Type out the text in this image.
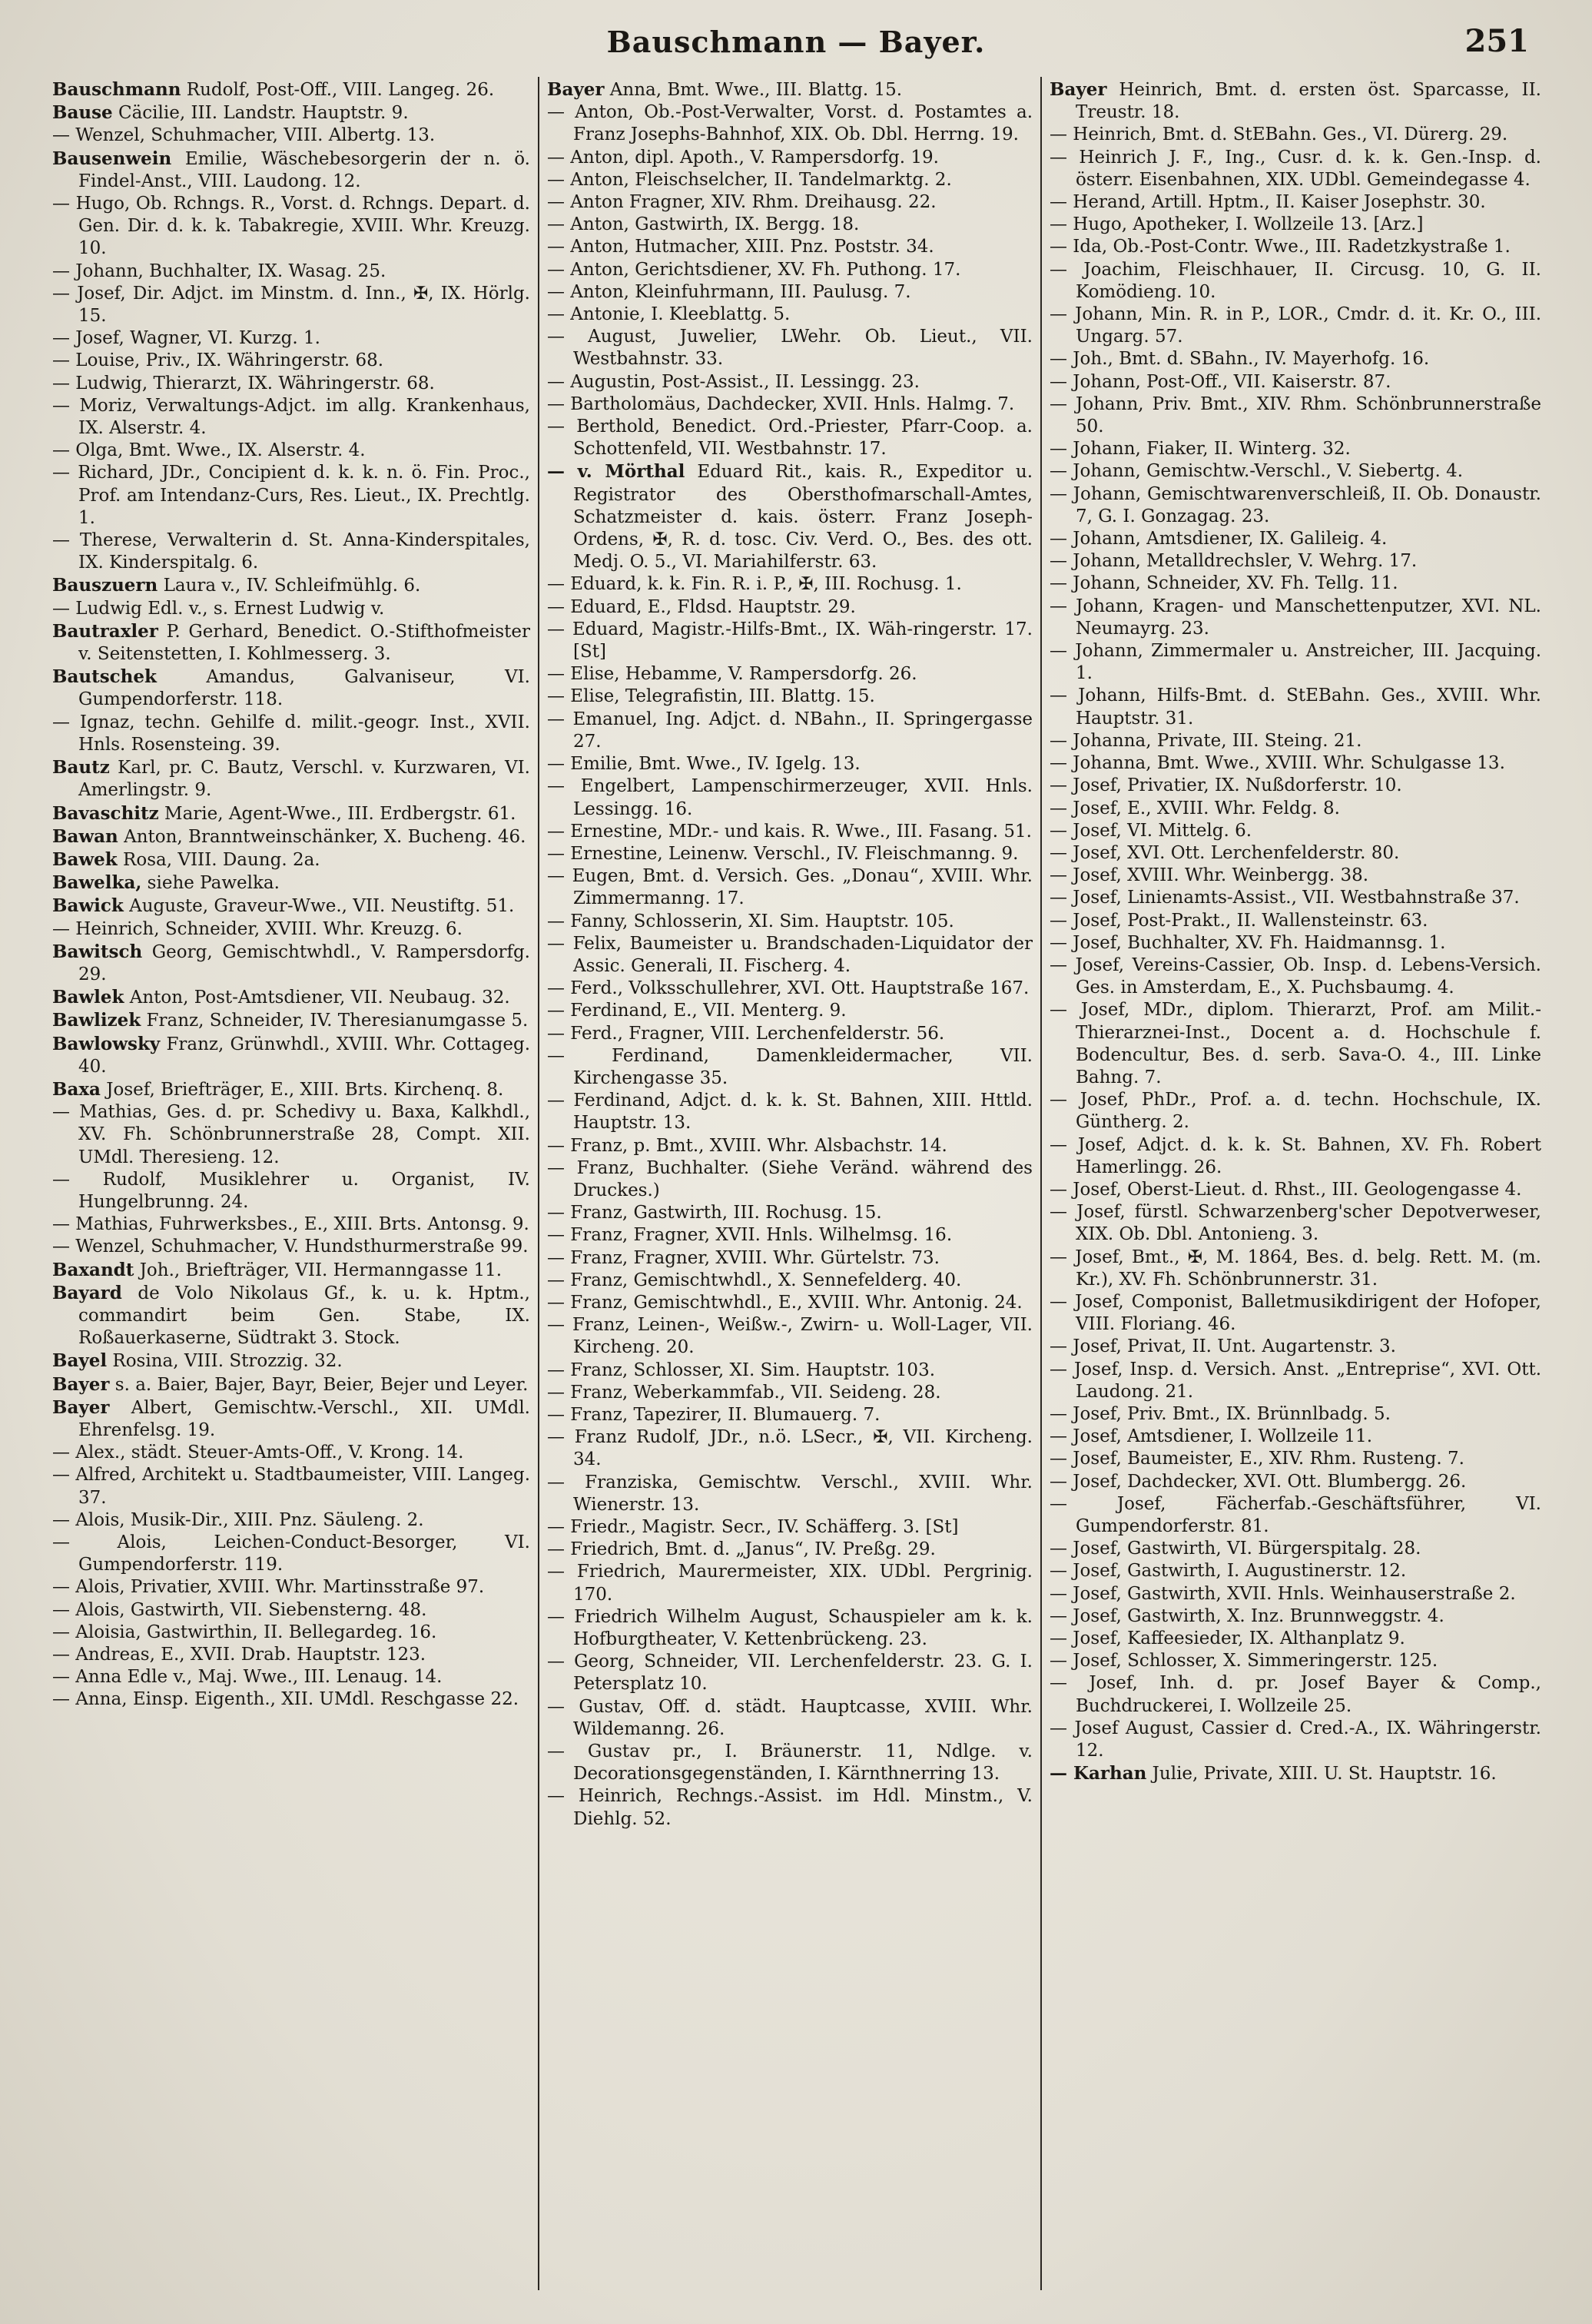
Bauschmann — Bayer.	251
Bauschmann Rudolf, Post-Off., VIII. Langeg. 26.
Bause Cäcilie, III. Landstr. Hauptstr. 9.
— Wenzel, Schuhmacher, VIII. Albertg. 13.
Bausenwein Emilie, Wäschebesorgerin der n. ö. Findel-Anst., VIII. Laudong. 12.
— Hugo, Ob. Rchngs. R., Vorst. d. Rchngs. Depart. d. Gen. Dir. d. k. k. Tabakregie, XVIII. Whr. Kreuzg. 10.
— Johann, Buchhalter, IX. Wasag. 25.
— Josef, Dir. Adjct. im Minstm. d. Inn., ✠, IX. Hörlg. 15.
— Josef, Wagner, VI. Kurzg. 1.
— Louise, Priv., IX. Währingerstr. 68.
— Ludwig, Thierarzt, IX. Währingerstr. 68.
— Moriz, Verwaltungs-Adjct. im allg. Krankenhaus, IX. Alserstr. 4.
— Olga, Bmt. Wwe., IX. Alserstr. 4.
— Richard, JDr., Concipient d. k. k. n. ö. Fin. Proc., Prof. am Intendanz-Curs, Res. Lieut., IX. Prechtlg. 1.
— Therese, Verwalterin d. St. Anna-Kinderspitales, IX. Kinderspitalg. 6.
Bauszuern Laura v., IV. Schleifmühlg. 6.
— Ludwig Edl. v., s. Ernest Ludwig v.
Bautraxler P. Gerhard, Benedict. O.-Stifthofmeister v. Seitenstetten, I. Kohlmesserg. 3.
Bautschek Amandus, Galvaniseur, VI. Gumpendorferstr. 118.
— Ignaz, techn. Gehilfe d. milit.-geogr. Inst., XVII. Hnls. Rosensteing. 39.
Bautz Karl, pr. C. Bautz, Verschl. v. Kurzwaren, VI. Amerlingstr. 9.
Bavaschitz Marie, Agent-Wwe., III. Erdbergstr. 61.
Bawan Anton, Branntweinschänker, X. Bucheng. 46.
Bawek Rosa, VIII. Daung. 2a.
Bawelka, siehe Pawelka.
Bawick Auguste, Graveur-Wwe., VII. Neustiftg. 51.
— Heinrich, Schneider, XVIII. Whr. Kreuzg. 6.
Bawitsch Georg, Gemischtwhdl., V. Rampersdorfg. 29.
Bawlek Anton, Post-Amtsdiener, VII. Neubaug. 32.
Bawlizek Franz, Schneider, IV. Theresianumgasse 5.
Bawlowsky Franz, Grünwhdl., XVIII. Whr. Cottageg. 40.
Baxa Josef, Briefträger, E., XIII. Brts. Kirchenq. 8.
— Mathias, Ges. d. pr. Schedivy u. Baxa, Kalkhdl., XV. Fh. Schönbrunnerstraße 28, Compt. XII. UMdl. Theresieng. 12.
— Rudolf, Musiklehrer u. Organist, IV. Hungelbrunng. 24.
— Mathias, Fuhrwerksbes., E., XIII. Brts. Antonsg. 9.
— Wenzel, Schuhmacher, V. Hundsthurmerstraße 99.
Baxandt Joh., Briefträger, VII. Hermanngasse 11.
Bayard de Volo Nikolaus Gf., k. u. k. Hptm., commandirt beim Gen. Stabe, IX. Roßauerkaserne, Südtrakt 3. Stock.
Bayel Rosina, VIII. Strozzig. 32.
Bayer s. a. Baier, Bajer, Bayr, Beier, Bejer und Leyer.
Bayer Albert, Gemischtw.-Verschl., XII. UMdl. Ehrenfelsg. 19.
— Alex., städt. Steuer-Amts-Off., V. Krong. 14.
— Alfred, Architekt u. Stadtbaumeister, VIII. Langeg. 37.
— Alois, Musik-Dir., XIII. Pnz. Säuleng. 2.
— Alois, Leichen-Conduct-Besorger, VI. Gumpendorferstr. 119.
— Alois, Privatier, XVIII. Whr. Martinsstraße 97.
— Alois, Gastwirth, VII. Siebensterng. 48.
— Aloisia, Gastwirthin, II. Bellegardeg. 16.
— Andreas, E., XVII. Drab. Hauptstr. 123.
— Anna Edle v., Maj. Wwe., III. Lenaug. 14.
— Anna, Einsp. Eigenth., XII. UMdl. Reschgasse 22.
Bayer Anna, Bmt. Wwe., III. Blattg. 15.
— Anton, Ob.-Post-Verwalter, Vorst. d. Postamtes a. Franz Josephs-Bahnhof, XIX. Ob. Dbl. Herrng. 19.
— Anton, dipl. Apoth., V. Rampersdorfg. 19.
— Anton, Fleischselcher, II. Tandelmarktg. 2.
— Anton Fragner, XIV. Rhm. Dreihausg. 22.
— Anton, Gastwirth, IX. Bergg. 18.
— Anton, Hutmacher, XIII. Pnz. Poststr. 34.
— Anton, Gerichtsdiener, XV. Fh. Puthong. 17.
— Anton, Kleinfuhrmann, III. Paulusg. 7.
— Antonie, I. Kleeblattg. 5.
— August, Juwelier, LWehr. Ob. Lieut., VII. Westbahnstr. 33.
— Augustin, Post-Assist., II. Lessingg. 23.
— Bartholomäus, Dachdecker, XVII. Hnls. Halmg. 7.
— Berthold, Benedict. Ord.-Priester, Pfarr-Coop. a. Schottenfeld, VII. Westbahnstr. 17.
— v. Mörthal Eduard Rit., kais. R., Expeditor u. Registrator des Obersthofmarschall-Amtes, Schatzmeister d. kais. österr. Franz Joseph-Ordens, ✠, R. d. tosc. Civ. Verd. O., Bes. des ott. Medj. O. 5., VI. Mariahilferstr. 63.
— Eduard, k. k. Fin. R. i. P., ✠, III. Rochusg. 1.
— Eduard, E., Fldsd. Hauptstr. 29.
— Eduard, Magistr.-Hilfs-Bmt., IX. Wäh-ringerstr. 17. [St]
— Elise, Hebamme, V. Rampersdorfg. 26.
— Elise, Telegrafistin, III. Blattg. 15.
— Emanuel, Ing. Adjct. d. NBahn., II. Springergasse 27.
— Emilie, Bmt. Wwe., IV. Igelg. 13.
— Engelbert, Lampenschirmerzeuger, XVII. Hnls. Lessingg. 16.
— Ernestine, MDr.- und kais. R. Wwe., III. Fasang. 51.
— Ernestine, Leinenw. Verschl., IV. Fleischmanng. 9.
— Eugen, Bmt. d. Versich. Ges. „Donau“, XVIII. Whr. Zimmermanng. 17.
— Fanny, Schlosserin, XI. Sim. Hauptstr. 105.
— Felix, Baumeister u. Brandschaden-Liquidator der Assic. Generali, II. Fischerg. 4.
— Ferd., Volksschullehrer, XVI. Ott. Hauptstraße 167.
— Ferdinand, E., VII. Menterg. 9.
— Ferd., Fragner, VIII. Lerchenfelderstr. 56.
— Ferdinand, Damenkleidermacher, VII. Kirchengasse 35.
— Ferdinand, Adjct. d. k. k. St. Bahnen, XIII. Httld. Hauptstr. 13.
— Franz, p. Bmt., XVIII. Whr. Alsbachstr. 14.
— Franz, Buchhalter. (Siehe Veränd. während des Druckes.)
— Franz, Gastwirth, III. Rochusg. 15.
— Franz, Fragner, XVII. Hnls. Wilhelmsg. 16.
— Franz, Fragner, XVIII. Whr. Gürtelstr. 73.
— Franz, Gemischtwhdl., X. Sennefelderg. 40.
— Franz, Gemischtwhdl., E., XVIII. Whr. Antonig. 24.
— Franz, Leinen-, Weißw.-, Zwirn- u. Woll-Lager, VII. Kircheng. 20.
— Franz, Schlosser, XI. Sim. Hauptstr. 103.
— Franz, Weberkammfab., VII. Seideng. 28.
— Franz, Tapezirer, II. Blumauerg. 7.
— Franz Rudolf, JDr., n.ö. LSecr., ✠, VII. Kircheng. 34.
— Franziska, Gemischtw. Verschl., XVIII. Whr. Wienerstr. 13.
— Friedr., Magistr. Secr., IV. Schäfferg. 3. [St]
— Friedrich, Bmt. d. „Janus“, IV. Preßg. 29.
— Friedrich, Maurermeister, XIX. UDbl. Pergrinig. 170.
— Friedrich Wilhelm August, Schauspieler am k. k. Hofburgtheater, V. Kettenbrückeng. 23.
— Georg, Schneider, VII. Lerchenfelderstr. 23. G. I. Petersplatz 10.
— Gustav, Off. d. städt. Hauptcasse, XVIII. Whr. Wildemanng. 26.
— Gustav pr., I. Bräunerstr. 11, Ndlge. v. Decorationsgegenständen, I. Kärnthnerring 13.
— Heinrich, Rechngs.-Assist. im Hdl. Minstm., V. Diehlg. 52.
Bayer Heinrich, Bmt. d. ersten öst. Sparcasse, II. Treustr. 18.
— Heinrich, Bmt. d. StEBahn. Ges., VI. Dürerg. 29.
— Heinrich J. F., Ing., Cusr. d. k. k. Gen.-Insp. d. österr. Eisenbahnen, XIX. UDbl. Gemeindegasse 4.
— Herand, Artill. Hptm., II. Kaiser Josephstr. 30.
— Hugo, Apotheker, I. Wollzeile 13. [Arz.]
— Ida, Ob.-Post-Contr. Wwe., III. Radetzkystraße 1.
— Joachim, Fleischhauer, II. Circusg. 10, G. II. Komödieng. 10.
— Johann, Min. R. in P., LOR., Cmdr. d. it. Kr. O., III. Ungarg. 57.
— Joh., Bmt. d. SBahn., IV. Mayerhofg. 16.
— Johann, Post-Off., VII. Kaiserstr. 87.
— Johann, Priv. Bmt., XIV. Rhm. Schönbrunnerstraße 50.
— Johann, Fiaker, II. Winterg. 32.
— Johann, Gemischtw.-Verschl., V. Siebertg. 4.
— Johann, Gemischtwarenverschleiß, II. Ob. Donaustr. 7, G. I. Gonzagag. 23.
— Johann, Amtsdiener, IX. Galileig. 4.
— Johann, Metalldrechsler, V. Wehrg. 17.
— Johann, Schneider, XV. Fh. Tellg. 11.
— Johann, Kragen- und Manschettenputzer, XVI. NL. Neumayrg. 23.
— Johann, Zimmermaler u. Anstreicher, III. Jacquing. 1.
— Johann, Hilfs-Bmt. d. StEBahn. Ges., XVIII. Whr. Hauptstr. 31.
— Johanna, Private, III. Steing. 21.
— Johanna, Bmt. Wwe., XVIII. Whr. Schulgasse 13.
— Josef, Privatier, IX. Nußdorferstr. 10.
— Josef, E., XVIII. Whr. Feldg. 8.
— Josef, VI. Mittelg. 6.
— Josef, XVI. Ott. Lerchenfelderstr. 80.
— Josef, XVIII. Whr. Weinbergg. 38.
— Josef, Linienamts-Assist., VII. Westbahnstraße 37.
— Josef, Post-Prakt., II. Wallensteinstr. 63.
— Josef, Buchhalter, XV. Fh. Haidmannsg. 1.
— Josef, Vereins-Cassier, Ob. Insp. d. Lebens-Versich. Ges. in Amsterdam, E., X. Puchsbaumg. 4.
— Josef, MDr., diplom. Thierarzt, Prof. am Milit.-Thierarznei-Inst., Docent a. d. Hochschule f. Bodencultur, Bes. d. serb. Sava-O. 4., III. Linke Bahng. 7.
— Josef, PhDr., Prof. a. d. techn. Hochschule, IX. Güntherg. 2.
— Josef, Adjct. d. k. k. St. Bahnen, XV. Fh. Robert Hamerlingg. 26.
— Josef, Oberst-Lieut. d. Rhst., III. Geologengasse 4.
— Josef, fürstl. Schwarzenberg'scher Depotverweser, XIX. Ob. Dbl. Antonieng. 3.
— Josef, Bmt., ✠, M. 1864, Bes. d. belg. Rett. M. (m. Kr.), XV. Fh. Schönbrunnerstr. 31.
— Josef, Componist, Balletmusikdirigent der Hofoper, VIII. Floriang. 46.
— Josef, Privat, II. Unt. Augartenstr. 3.
— Josef, Insp. d. Versich. Anst. „Entreprise“, XVI. Ott. Laudong. 21.
— Josef, Priv. Bmt., IX. Brünnlbadg. 5.
— Josef, Amtsdiener, I. Wollzeile 11.
— Josef, Baumeister, E., XIV. Rhm. Rusteng. 7.
— Josef, Dachdecker, XVI. Ott. Blumbergg. 26.
— Josef, Fächerfab.-Geschäftsführer, VI. Gumpendorferstr. 81.
— Josef, Gastwirth, VI. Bürgerspitalg. 28.
— Josef, Gastwirth, I. Augustinerstr. 12.
— Josef, Gastwirth, XVII. Hnls. Weinhauserstraße 2.
— Josef, Gastwirth, X. Inz. Brunnweggstr. 4.
— Josef, Kaffeesieder, IX. Althanplatz 9.
— Josef, Schlosser, X. Simmeringerstr. 125.
— Josef, Inh. d. pr. Josef Bayer & Comp., Buchdruckerei, I. Wollzeile 25.
— Josef August, Cassier d. Cred.-A., IX. Währingerstr. 12.
— Karhan Julie, Private, XIII. U. St. Hauptstr. 16.
